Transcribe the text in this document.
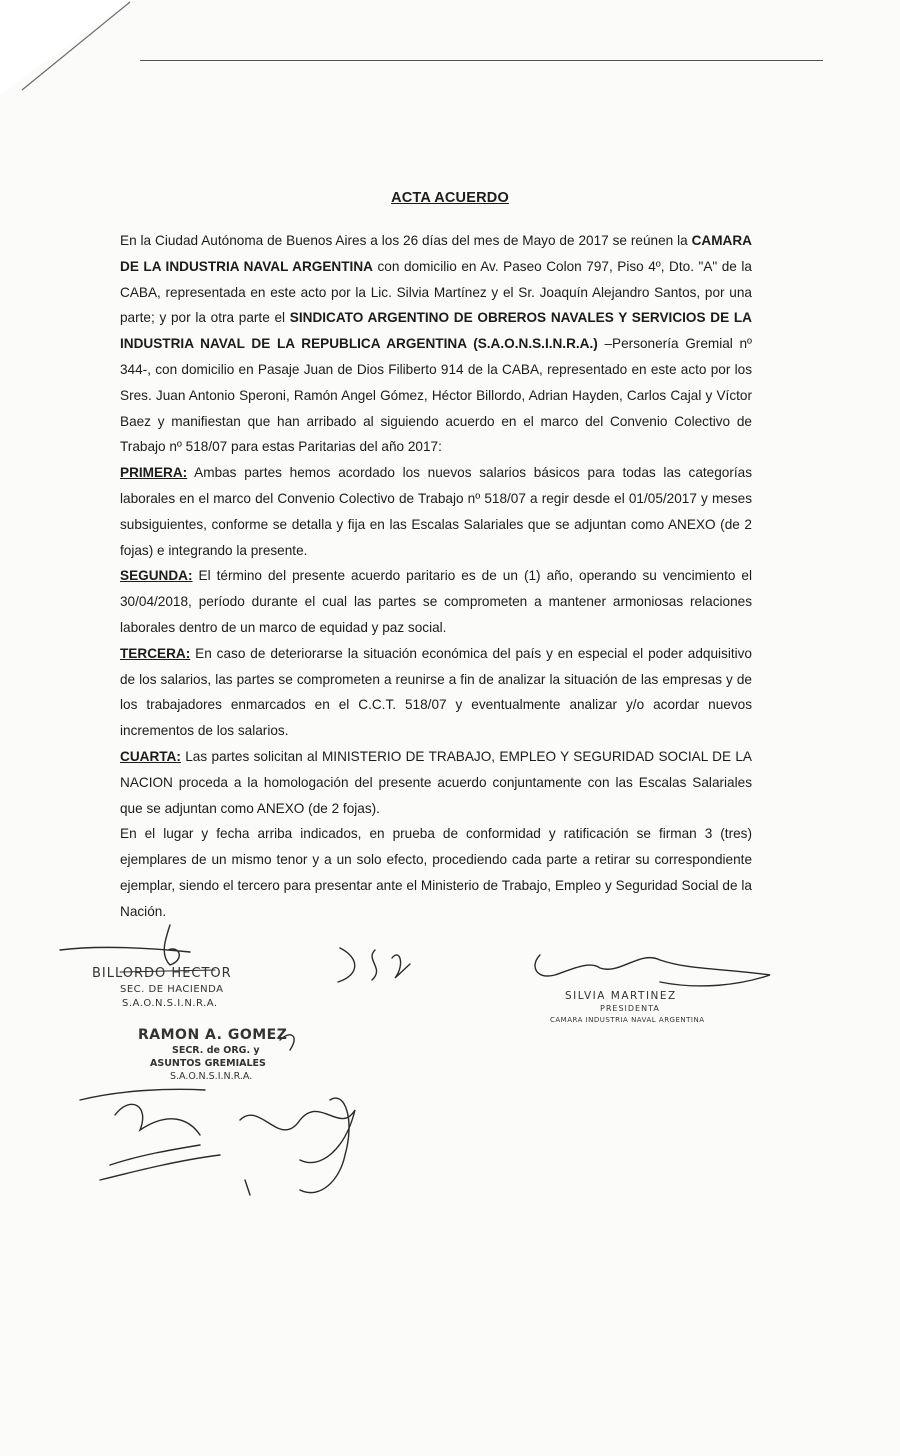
ACTA ACUERDO

En la Ciudad Autónoma de Buenos Aires a los 26 días del mes de Mayo de 2017 se reúnen la CAMARA DE LA INDUSTRIA NAVAL ARGENTINA con domicilio en Av. Paseo Colon 797, Piso 4º, Dto. "A" de la CABA, representada en este acto por la Lic. Silvia Martínez y el Sr. Joaquín Alejandro Santos, por una parte; y por la otra parte el SINDICATO ARGENTINO DE OBREROS NAVALES Y SERVICIOS DE LA INDUSTRIA NAVAL DE LA REPUBLICA ARGENTINA (S.A.O.N.S.I.N.R.A.) –Personería Gremial nº 344-, con domicilio en Pasaje Juan de Dios Filiberto 914 de la CABA, representado en este acto por los Sres. Juan Antonio Speroni, Ramón Angel Gómez, Héctor Billordo, Adrian Hayden, Carlos Cajal y Víctor Baez y manifiestan que han arribado al siguiendo acuerdo en el marco del Convenio Colectivo de Trabajo nº 518/07 para estas Paritarias del año 2017:

PRIMERA: Ambas partes hemos acordado los nuevos salarios básicos para todas las categorías laborales en el marco del Convenio Colectivo de Trabajo nº 518/07 a regir desde el 01/05/2017 y meses subsiguientes, conforme se detalla y fija en las Escalas Salariales que se adjuntan como ANEXO (de 2 fojas) e integrando la presente.

SEGUNDA: El término del presente acuerdo paritario es de un (1) año, operando su vencimiento el 30/04/2018, período durante el cual las partes se comprometen a mantener armoniosas relaciones laborales dentro de un marco de equidad y paz social.

TERCERA: En caso de deteriorarse la situación económica del país y en especial el poder adquisitivo de los salarios, las partes se comprometen a reunirse a fin de analizar la situación de las empresas y de los trabajadores enmarcados en el C.C.T. 518/07 y eventualmente analizar y/o acordar nuevos incrementos de los salarios.

CUARTA: Las partes solicitan al MINISTERIO DE TRABAJO, EMPLEO Y SEGURIDAD SOCIAL DE LA NACION proceda a la homologación del presente acuerdo conjuntamente con las Escalas Salariales que se adjuntan como ANEXO (de 2 fojas).

En el lugar y fecha arriba indicados, en prueba de conformidad y ratificación se firman 3 (tres) ejemplares de un mismo tenor y a un solo efecto, procediendo cada parte a retirar su correspondiente ejemplar, siendo el tercero para presentar ante el Ministerio de Trabajo, Empleo y Seguridad Social de la Nación.

BILLORDO HECTOR
SEC. DE HACIENDA
S.A.O.N.S.I.N.R.A.
RAMON A. GOMEZ
SECR. de ORG. y
ASUNTOS GREMIALES
S.A.O.N.S.I.N.R.A.
SILVIA MARTINEZ
PRESIDENTA
CAMARA INDUSTRIA NAVAL ARGENTINA
